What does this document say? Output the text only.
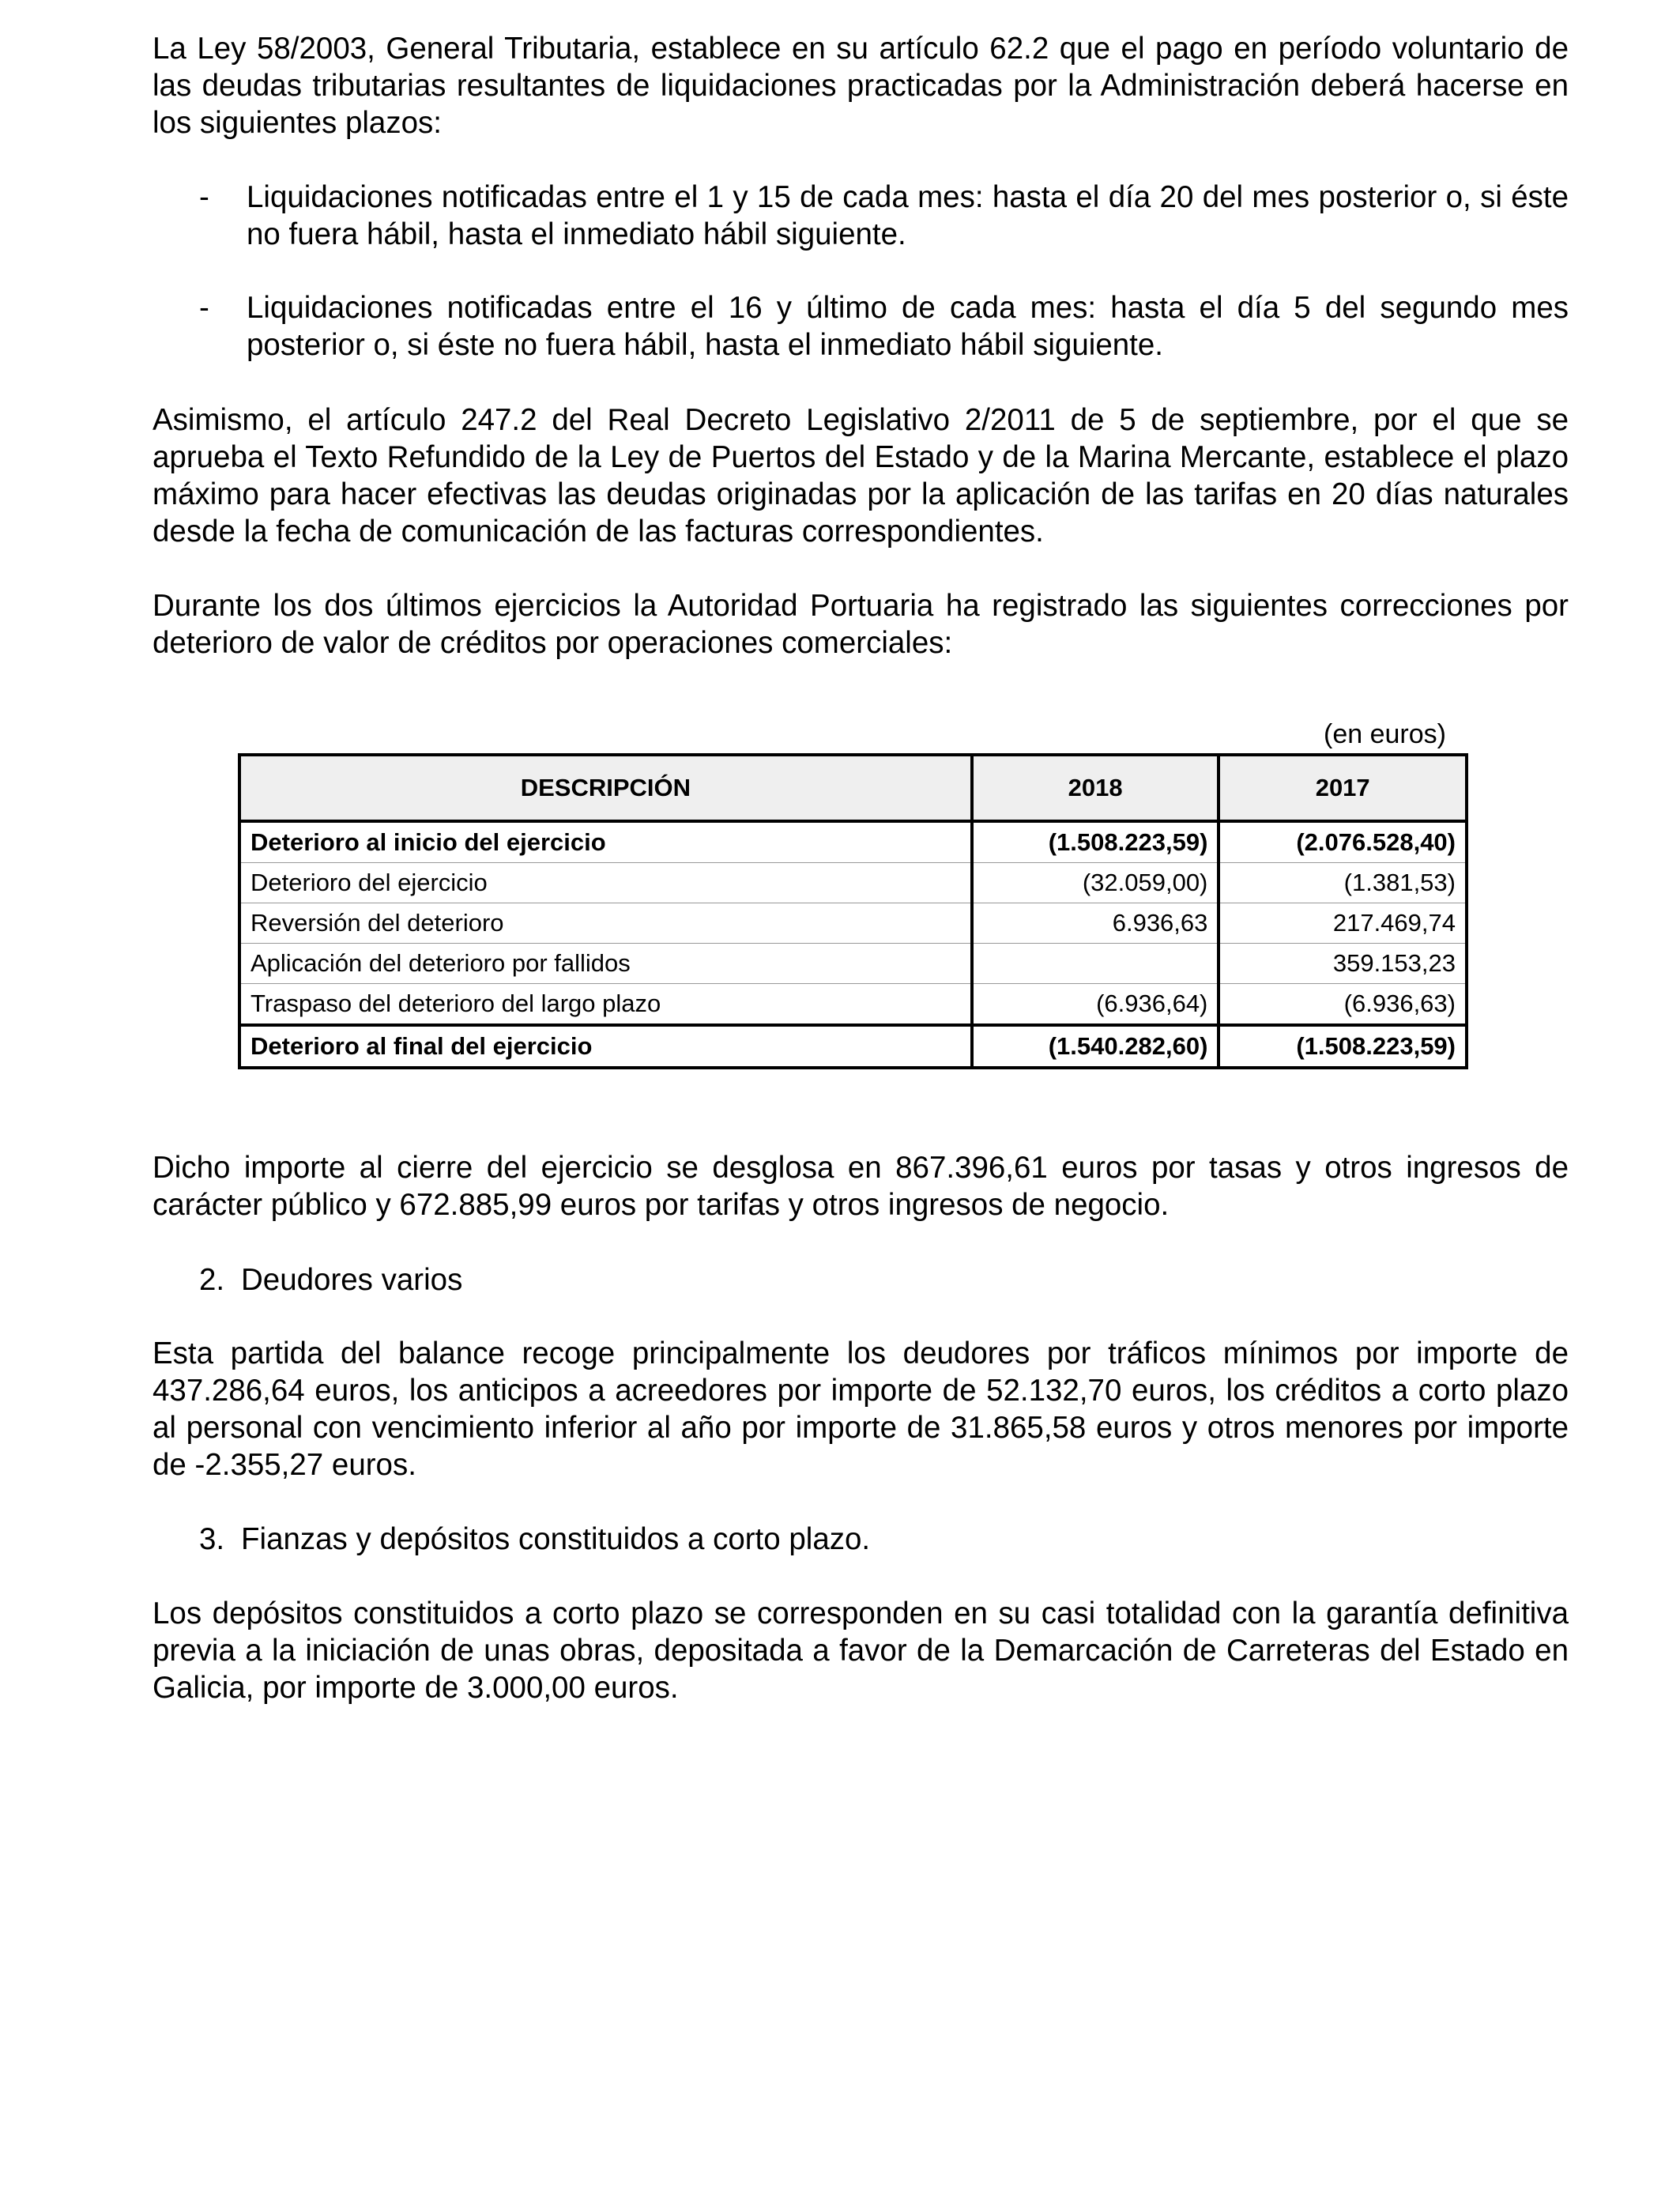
La Ley 58/2003, General Tributaria, establece en su artículo 62.2 que el pago en período voluntario de las deudas tributarias resultantes de liquidaciones practicadas por la Administración deberá hacerse en los siguientes plazos:

- Liquidaciones notificadas entre el 1 y 15 de cada mes: hasta el día 20 del mes posterior o, si éste no fuera hábil, hasta el inmediato hábil siguiente.
- Liquidaciones notificadas entre el 16 y último de cada mes: hasta el día 5 del segundo mes posterior o, si éste no fuera hábil, hasta el inmediato hábil siguiente.

Asimismo, el artículo 247.2 del Real Decreto Legislativo 2/2011 de 5 de septiembre, por el que se aprueba el Texto Refundido de la Ley de Puertos del Estado y de la Marina Mercante, establece el plazo máximo para hacer efectivas las deudas originadas por la aplicación de las tarifas en 20 días naturales desde la fecha de comunicación de las facturas correspondientes.

Durante los dos últimos ejercicios la Autoridad Portuaria ha registrado las siguientes correcciones por deterioro de valor de créditos por operaciones comerciales:

(en euros)
DESCRIPCIÓN	2018	2017
Deterioro al inicio del ejercicio	(1.508.223,59)	(2.076.528,40)
Deterioro del ejercicio	(32.059,00)	(1.381,53)
Reversión del deterioro	6.936,63	217.469,74
Aplicación del deterioro por fallidos		359.153,23
Traspaso del deterioro del largo plazo	(6.936,64)	(6.936,63)
Deterioro al final del ejercicio	(1.540.282,60)	(1.508.223,59)

Dicho importe al cierre del ejercicio se desglosa en 867.396,61 euros por tasas y otros ingresos de carácter público y 672.885,99 euros por tarifas y otros ingresos de negocio.

2. Deudores varios

Esta partida del balance recoge principalmente los deudores por tráficos mínimos por importe de 437.286,64 euros, los anticipos a acreedores por importe de 52.132,70 euros, los créditos a corto plazo al personal con vencimiento inferior al año por importe de 31.865,58 euros y otros menores por importe de -2.355,27 euros.

3. Fianzas y depósitos constituidos a corto plazo.

Los depósitos constituidos a corto plazo se corresponden en su casi totalidad con la garantía definitiva previa a la iniciación de unas obras, depositada a favor de la Demarcación de Carreteras del Estado en Galicia, por importe de 3.000,00 euros.
